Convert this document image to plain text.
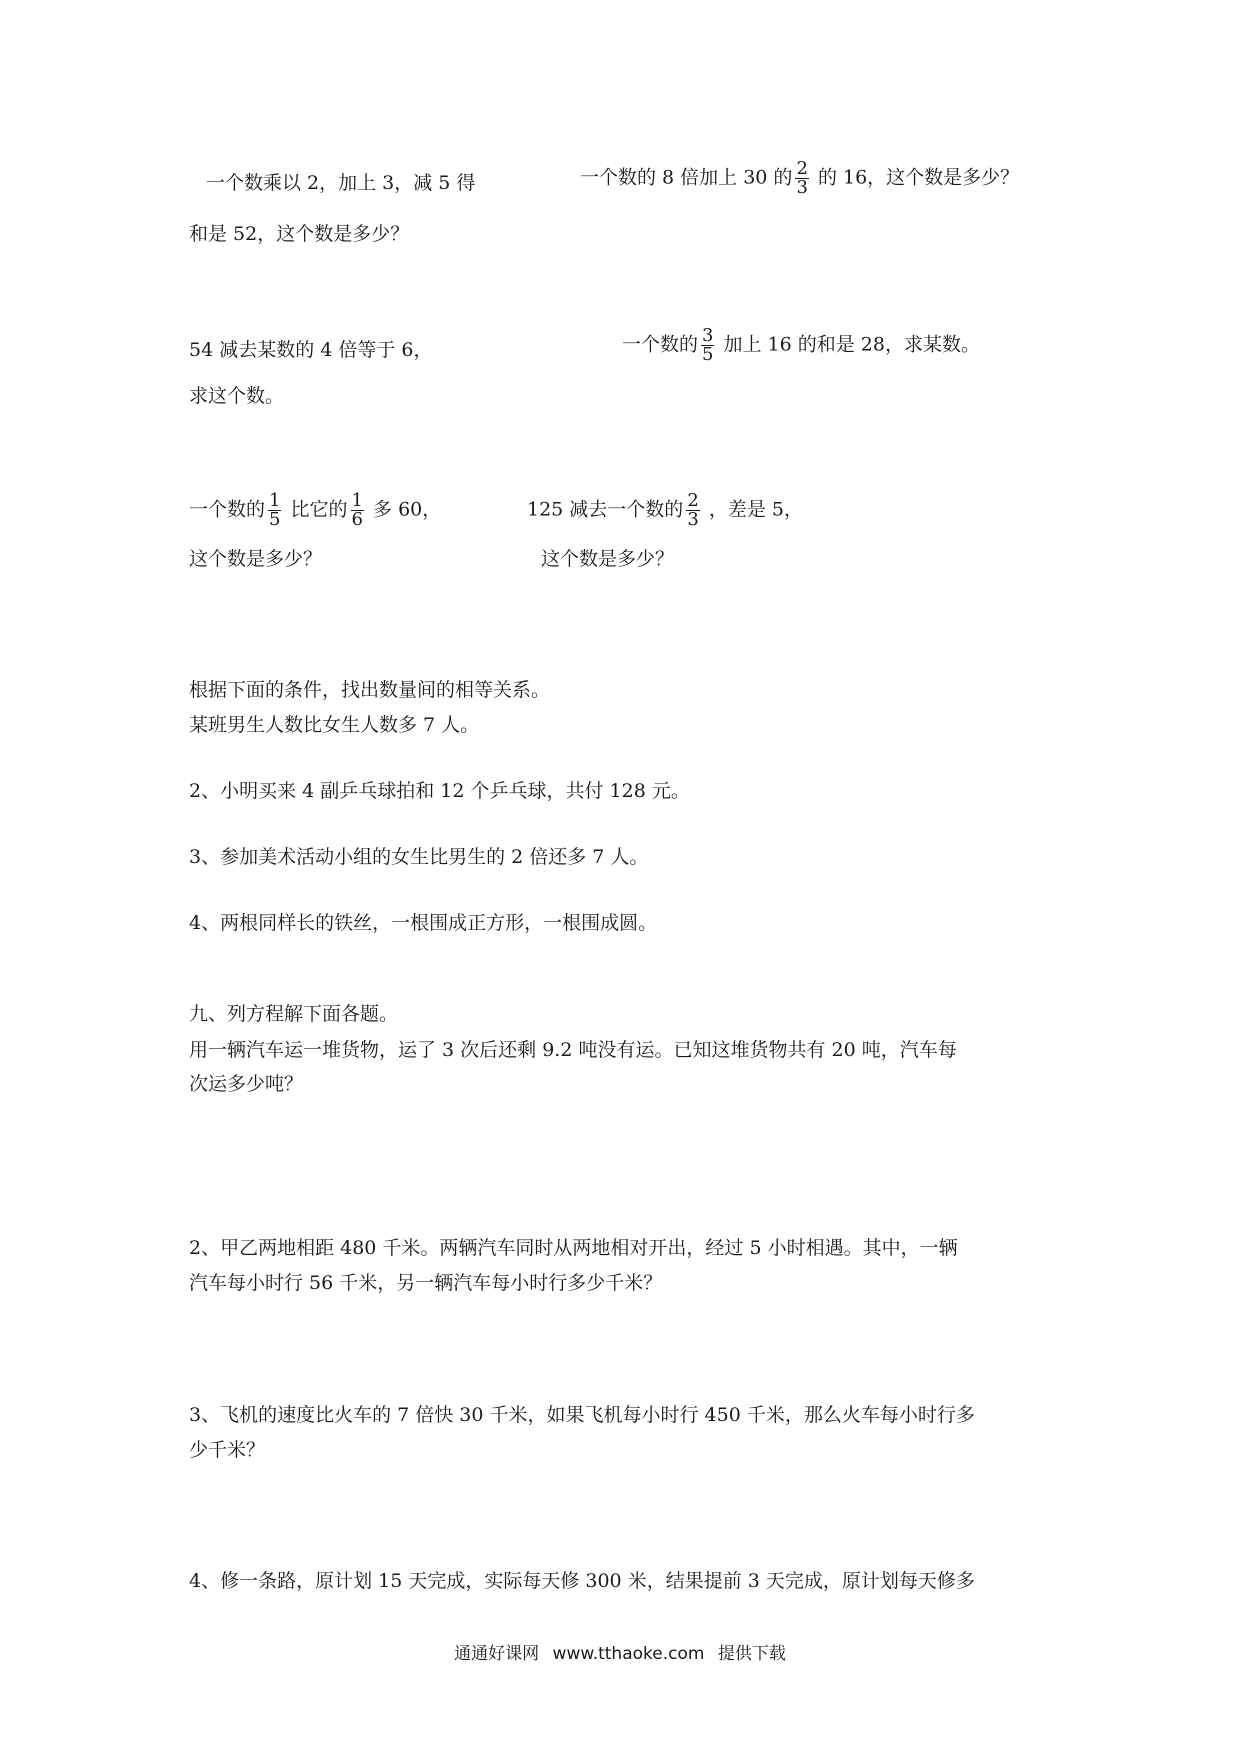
一个数乘以 2，加上 3，减 5 得
和是 52，这个数是多少？
一个数的 8 倍加上 30 的 $\frac{2}{3}$ 的 16，这个数是多少？
54 减去某数的 4 倍等于 6，
求这个数。
一个数的 $\frac{3}{5}$ 加上 16 的和是 28，求某数。
一个数的 $\frac{1}{5}$ 比它的 $\frac{1}{6}$ 多 60，
这个数是多少？
125 减去一个数的 $\frac{2}{3}$ ，差是 5，
这个数是多少？
根据下面的条件，找出数量间的相等关系。
某班男生人数比女生人数多 7 人。
2、小明买来 4 副乒乓球拍和 12 个乒乓球，共付 128 元。
3、参加美术活动小组的女生比男生的 2 倍还多 7 人。
4、两根同样长的铁丝，一根围成正方形，一根围成圆。
九、列方程解下面各题。
用一辆汽车运一堆货物，运了 3 次后还剩 9.2 吨没有运。已知这堆货物共有 20 吨，汽车每
次运多少吨？
2、甲乙两地相距 480 千米。两辆汽车同时从两地相对开出，经过 5 小时相遇。其中，一辆
汽车每小时行 56 千米，另一辆汽车每小时行多少千米？
3、飞机的速度比火车的 7 倍快 30 千米，如果飞机每小时行 450 千米，那么火车每小时行多
少千米？
4、修一条路，原计划 15 天完成，实际每天修 300 米，结果提前 3 天完成，原计划每天修多
通通好课网 www.tthaoke.com 提供下载
